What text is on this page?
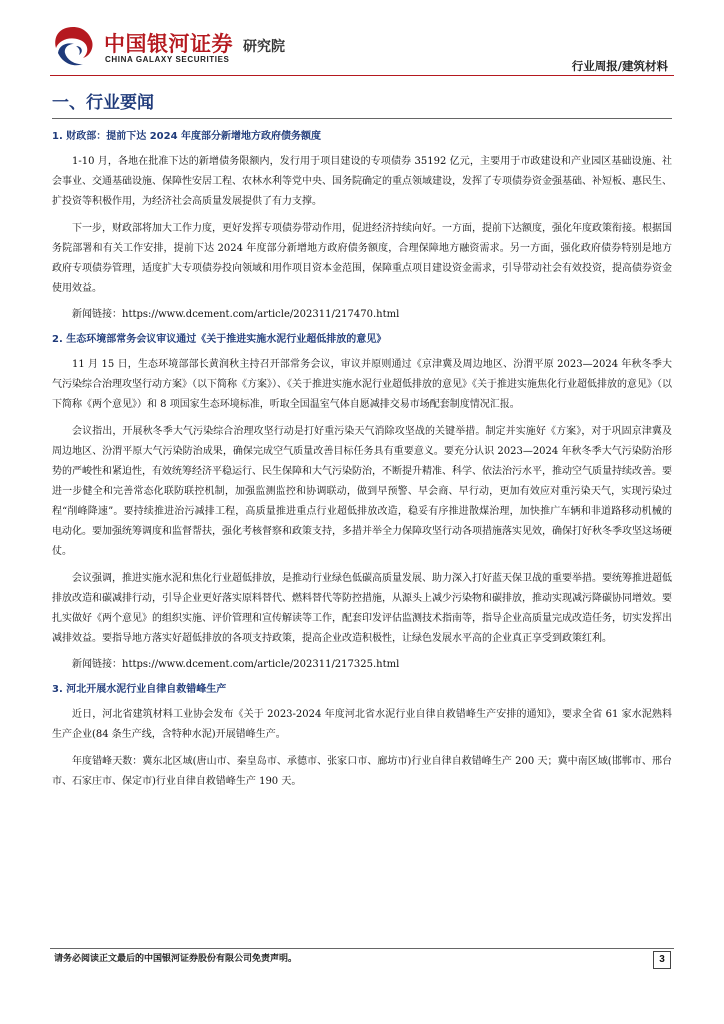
中国银河证券
CHINA GALAXY SECURITIES
研究院
行业周报/建筑材料
一、行业要闻
1. 财政部：提前下达 2024 年度部分新增地方政府债务额度

1-10 月，各地在批准下达的新增债务限额内，发行用于项目建设的专项债券 35192 亿元，主要用于市政建设和产业园区基础设施、社会事业、交通基础设施、保障性安居工程、农林水利等党中央、国务院确定的重点领域建设，发挥了专项债券资金强基础、补短板、惠民生、扩投资等积极作用，为经济社会高质量发展提供了有力支撑。

下一步，财政部将加大工作力度，更好发挥专项债券带动作用，促进经济持续向好。一方面，提前下达额度，强化年度政策衔接。根据国务院部署和有关工作安排，提前下达 2024 年度部分新增地方政府债务额度，合理保障地方融资需求。另一方面，强化政府债券特别是地方政府专项债券管理，适度扩大专项债券投向领域和用作项目资本金范围，保障重点项目建设资金需求，引导带动社会有效投资，提高债券资金使用效益。

新闻链接：https://www.dcement.com/article/202311/217470.html
2. 生态环境部常务会议审议通过《关于推进实施水泥行业超低排放的意见》

11 月 15 日，生态环境部部长黄润秋主持召开部常务会议，审议并原则通过《京津冀及周边地区、汾渭平原 2023—2024 年秋冬季大气污染综合治理攻坚行动方案》（以下简称《方案》）、《关于推进实施水泥行业超低排放的意见》《关于推进实施焦化行业超低排放的意见》（以下简称《两个意见》）和 8 项国家生态环境标准，听取全国温室气体自愿减排交易市场配套制度情况汇报。

会议指出，开展秋冬季大气污染综合治理攻坚行动是打好重污染天气消除攻坚战的关键举措。制定并实施好《方案》，对于巩固京津冀及周边地区、汾渭平原大气污染防治成果，确保完成空气质量改善目标任务具有重要意义。要充分认识 2023—2024 年秋冬季大气污染防治形势的严峻性和紧迫性，有效统筹经济平稳运行、民生保障和大气污染防治，不断提升精准、科学、依法治污水平，推动空气质量持续改善。要进一步健全和完善常态化联防联控机制，加强监测监控和协调联动，做到早预警、早会商、早行动，更加有效应对重污染天气，实现污染过程“削峰降速”。要持续推进治污减排工程，高质量推进重点行业超低排放改造，稳妥有序推进散煤治理，加快推广车辆和非道路移动机械的电动化。要加强统筹调度和监督帮扶，强化考核督察和政策支持，多措并举全力保障攻坚行动各项措施落实见效，确保打好秋冬季攻坚这场硬仗。

会议强调，推进实施水泥和焦化行业超低排放，是推动行业绿色低碳高质量发展、助力深入打好蓝天保卫战的重要举措。要统筹推进超低排放改造和碳减排行动，引导企业更好落实原料替代、燃料替代等防控措施，从源头上减少污染物和碳排放，推动实现减污降碳协同增效。要扎实做好《两个意见》的组织实施、评价管理和宣传解读等工作，配套印发评估监测技术指南等，指导企业高质量完成改造任务，切实发挥出减排效益。要指导地方落实好超低排放的各项支持政策，提高企业改造积极性，让绿色发展水平高的企业真正享受到政策红利。

新闻链接：https://www.dcement.com/article/202311/217325.html
3. 河北开展水泥行业自律自救错峰生产

近日，河北省建筑材料工业协会发布《关于 2023-2024 年度河北省水泥行业自律自救错峰生产安排的通知》，要求全省 61 家水泥熟料生产企业(84 条生产线，含特种水泥)开展错峰生产。

年度错峰天数：冀东北区域(唐山市、秦皇岛市、承德市、张家口市、廊坊市)行业自律自救错峰生产 200 天；冀中南区域(邯郸市、邢台市、石家庄市、保定市)行业自律自救错峰生产 190 天。

请务必阅读正文最后的中国银河证券股份有限公司免责声明。	3
